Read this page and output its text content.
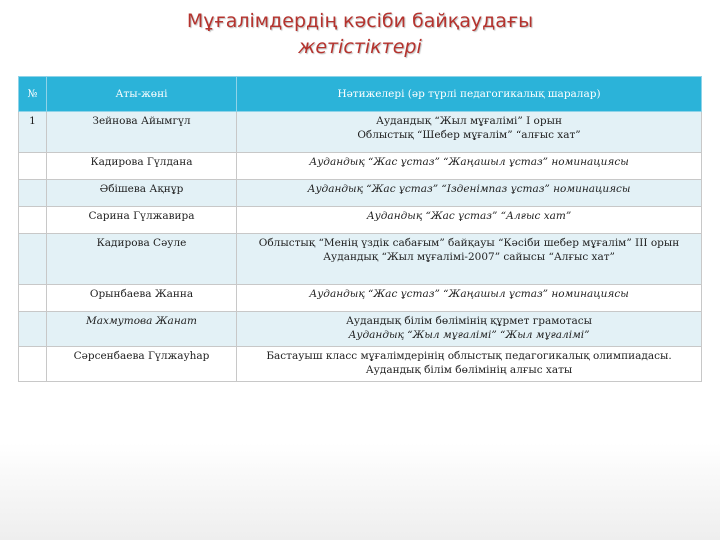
Мұғалімдердің кәсіби байқаудағы
жетістіктері
№	Аты-жөні	Нәтижелері (әр түрлі педагогикалық шаралар)
1	Зейнова Айымгүл	Аудандық “Жыл мұғалімі” І орын
Облыстық “Шебер мұғалім” “алғыс хат”

	Кадирова Гүлдана	Аудандық “Жас ұстаз” “Жаңашыл ұстаз” номинациясы

	Әбішева Ақнұр	Аудандық “Жас ұстаз” “Ізденімпаз ұстаз” номинациясы

	Сарина Гүлжавира	Аудандық “Жас ұстаз” “Алғыс хат”

	Кадирова Сәуле	Облыстық “Менің үздік сабағым” байқауы “Кәсіби шебер мұғалім” ІІІ орын
Аудандық “Жыл мұғалімі-2007” сайысы “Алғыс хат”

	Орынбаева Жанна	Аудандық “Жас ұстаз” “Жаңашыл ұстаз” номинациясы

	Махмутова Жанат	Аудандық білім бөлімінің құрмет грамотасы
Аудандық “Жыл мұғалімі” “Жыл мұғалімі”

	Сәрсенбаева Гүлжауһар	Бастауыш класс мұғалімдерінің облыстық педагогикалық олимпиадасы. Аудандық білім бөлімінің алғыс хаты
